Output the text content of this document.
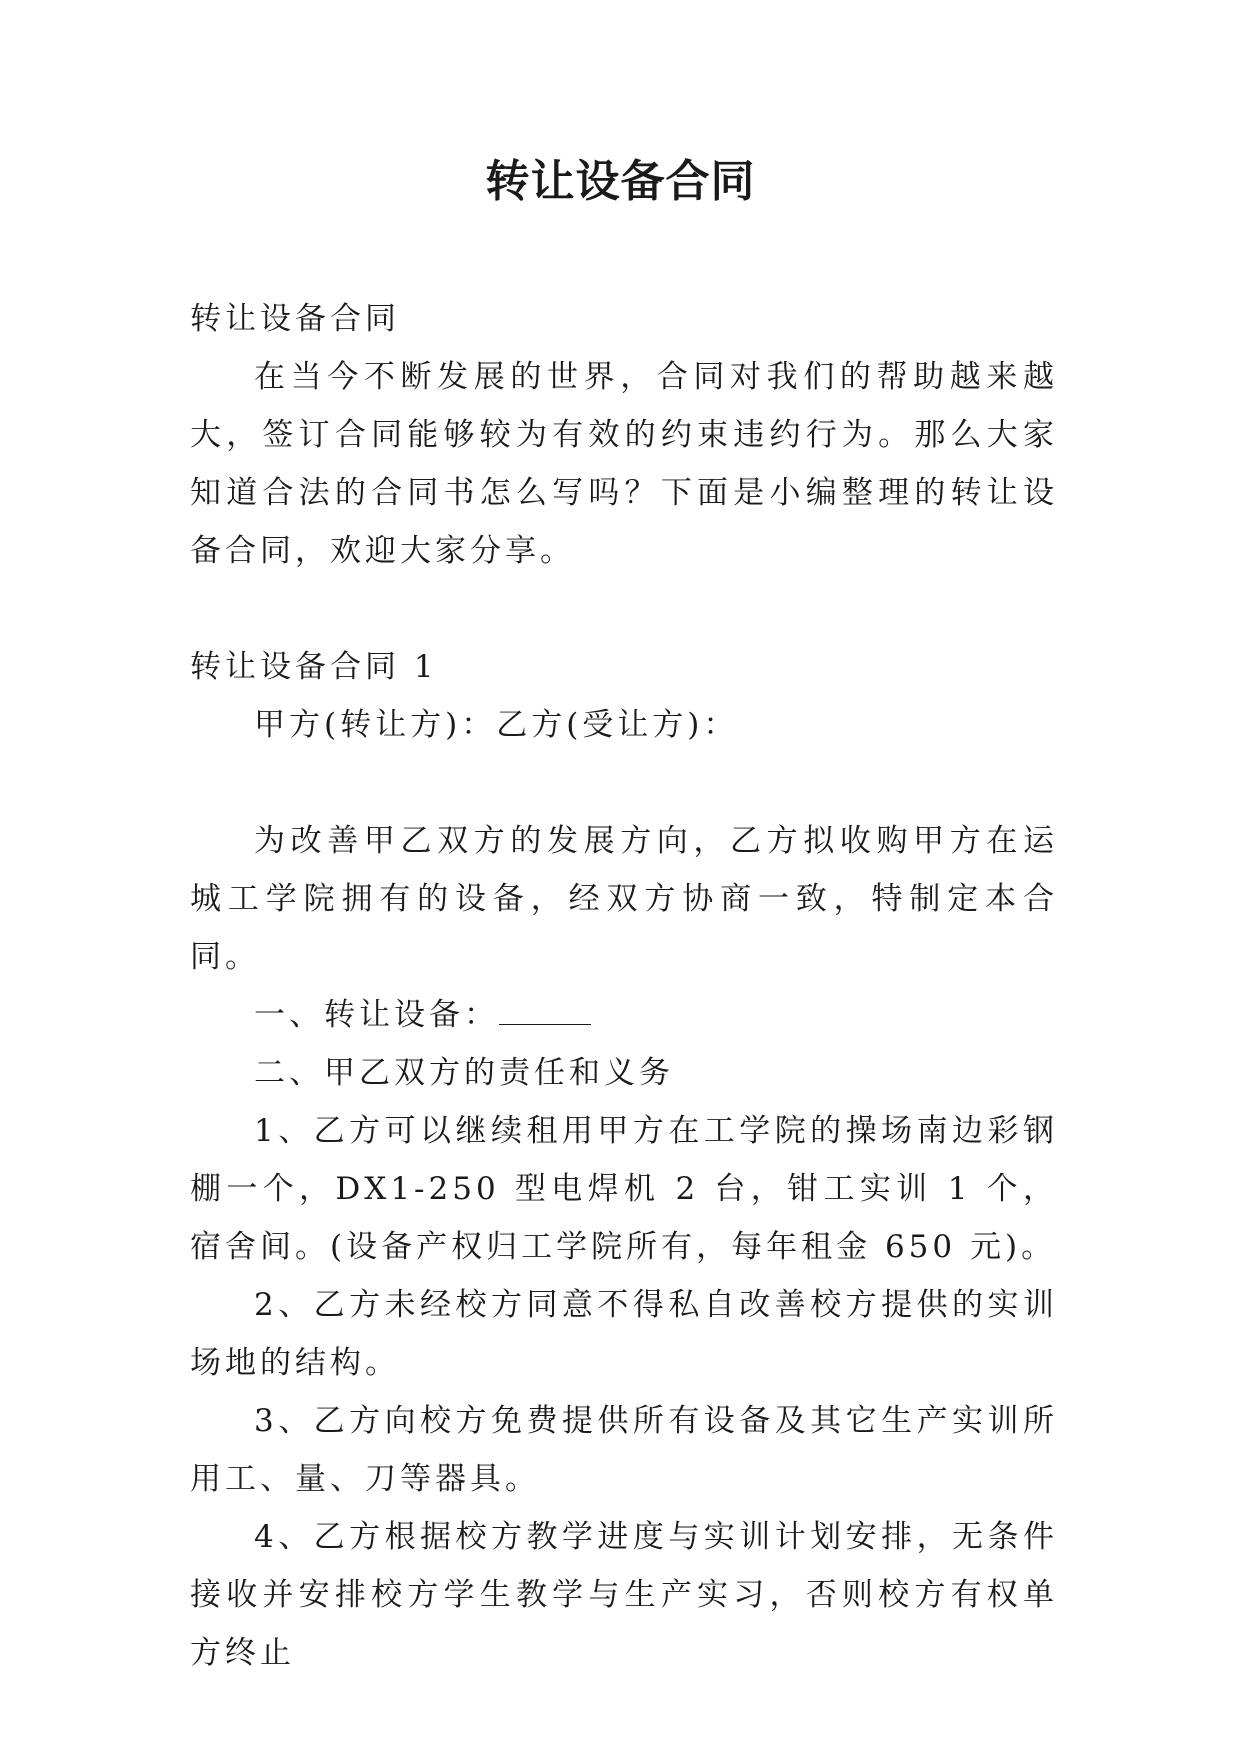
转让设备合同

转让设备合同

在当今不断发展的世界，合同对我们的帮助越来越大，签订合同能够较为有效的约束违约行为。那么大家知道合法的合同书怎么写吗？下面是小编整理的转让设备合同，欢迎大家分享。

转让设备合同 1

甲方(转让方)：乙方(受让方)：

为改善甲乙双方的发展方向，乙方拟收购甲方在运城工学院拥有的设备，经双方协商一致，特制定本合同。

一、转让设备：

二、甲乙双方的责任和义务

1、乙方可以继续租用甲方在工学院的操场南边彩钢棚一个，DX1-250 型电焊机 2 台，钳工实训 1 个，宿舍间。(设备产权归工学院所有，每年租金 650 元)。

2、乙方未经校方同意不得私自改善校方提供的实训场地的结构。

3、乙方向校方免费提供所有设备及其它生产实训所用工、量、刀等器具。

4、乙方根据校方教学进度与实训计划安排，无条件接收并安排校方学生教学与生产实习，否则校方有权单方终止
